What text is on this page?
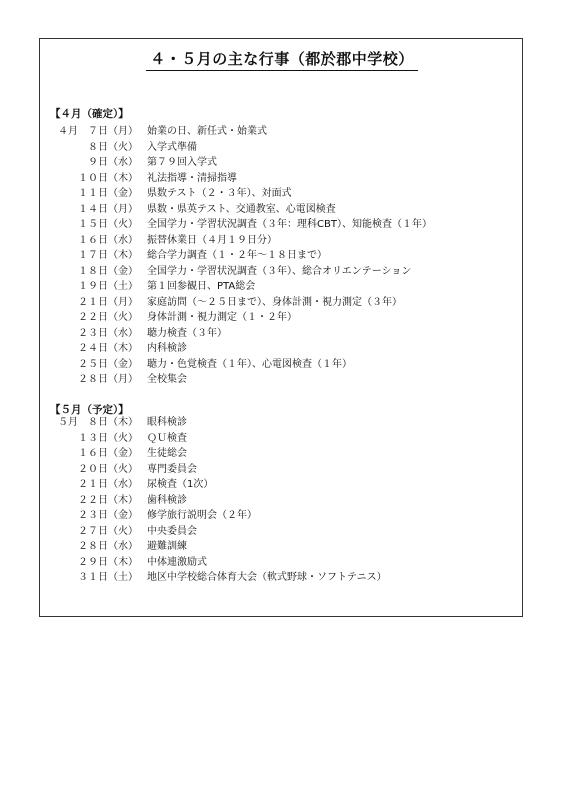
４・５月の主な行事（都於郡中学校）
【４月（確定）】
４月　７日（月） 始業の日、新任式・始業式
８日（火） 入学式準備
９日（水） 第７９回入学式
１０日（木） 礼法指導・清掃指導
１１日（金） 県数テスト（２・３年）、対面式
１４日（月） 県数・県英テスト、交通教室、心電図検査
１５日（火） 全国学力・学習状況調査（３年：理科CBT）、知能検査（１年）
１６日（水） 振替休業日（４月１９日分）
１７日（木） 総合学力調査（１・２年～１８日まで）
１８日（金） 全国学力・学習状況調査（３年）、総合オリエンテーション
１９日（土） 第１回参観日、PTA総会
２１日（月） 家庭訪問（～２５日まで）、身体計測・視力測定（３年）
２２日（火） 身体計測・視力測定（１・２年）
２３日（水） 聴力検査（３年）
２４日（木） 内科検診
２５日（金） 聴力・色覚検査（１年）、心電図検査（１年）
２８日（月） 全校集会
【５月（予定）】
５月　８日（木） 眼科検診
１３日（火） ＱＵ検査
１６日（金） 生徒総会
２０日（火） 専門委員会
２１日（水） 尿検査（1次）
２２日（木） 歯科検診
２３日（金） 修学旅行説明会（２年）
２７日（火） 中央委員会
２８日（水） 避難訓練
２９日（木） 中体連激励式
３１日（土） 地区中学校総合体育大会（軟式野球・ソフトテニス）
